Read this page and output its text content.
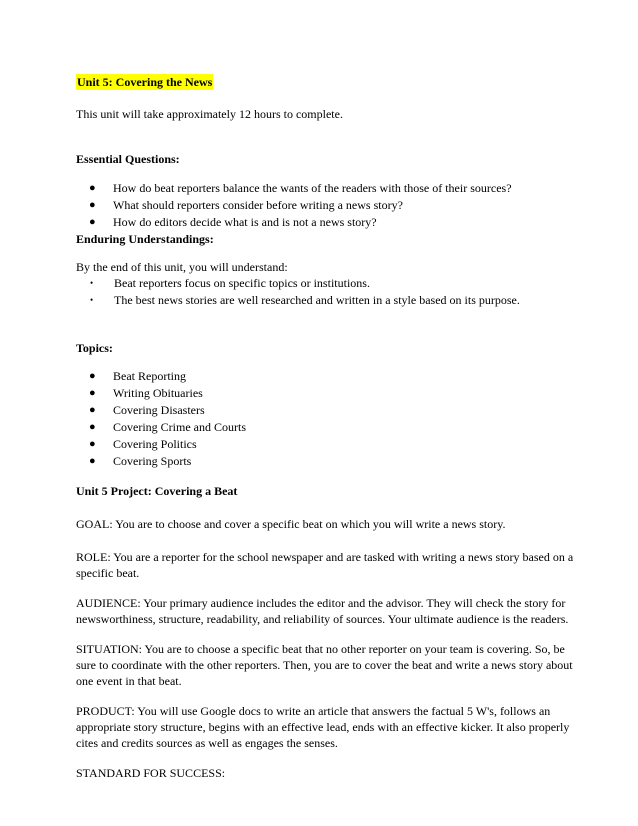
Unit 5: Covering the News

This unit will take approximately 12 hours to complete.

Essential Questions:

● How do beat reporters balance the wants of the readers with those of their sources?
● What should reporters consider before writing a news story?
● How do editors decide what is and is not a news story?

Enduring Understandings:

By the end of this unit, you will understand:

• Beat reporters focus on specific topics or institutions.
• The best news stories are well researched and written in a style based on its purpose.

Topics:

● Beat Reporting
● Writing Obituaries
● Covering Disasters
● Covering Crime and Courts
● Covering Politics
● Covering Sports

Unit 5 Project: Covering a Beat

GOAL: You are to choose and cover a specific beat on which you will write a news story.

ROLE: You are a reporter for the school newspaper and are tasked with writing a news story based on a specific beat.

AUDIENCE: Your primary audience includes the editor and the advisor. They will check the story for newsworthiness, structure, readability, and reliability of sources. Your ultimate audience is the readers.

SITUATION: You are to choose a specific beat that no other reporter on your team is covering. So, be sure to coordinate with the other reporters. Then, you are to cover the beat and write a news story about one event in that beat.

PRODUCT: You will use Google docs to write an article that answers the factual 5 W's, follows an appropriate story structure, begins with an effective lead, ends with an effective kicker. It also properly cites and credits sources as well as engages the senses.

STANDARD FOR SUCCESS:
